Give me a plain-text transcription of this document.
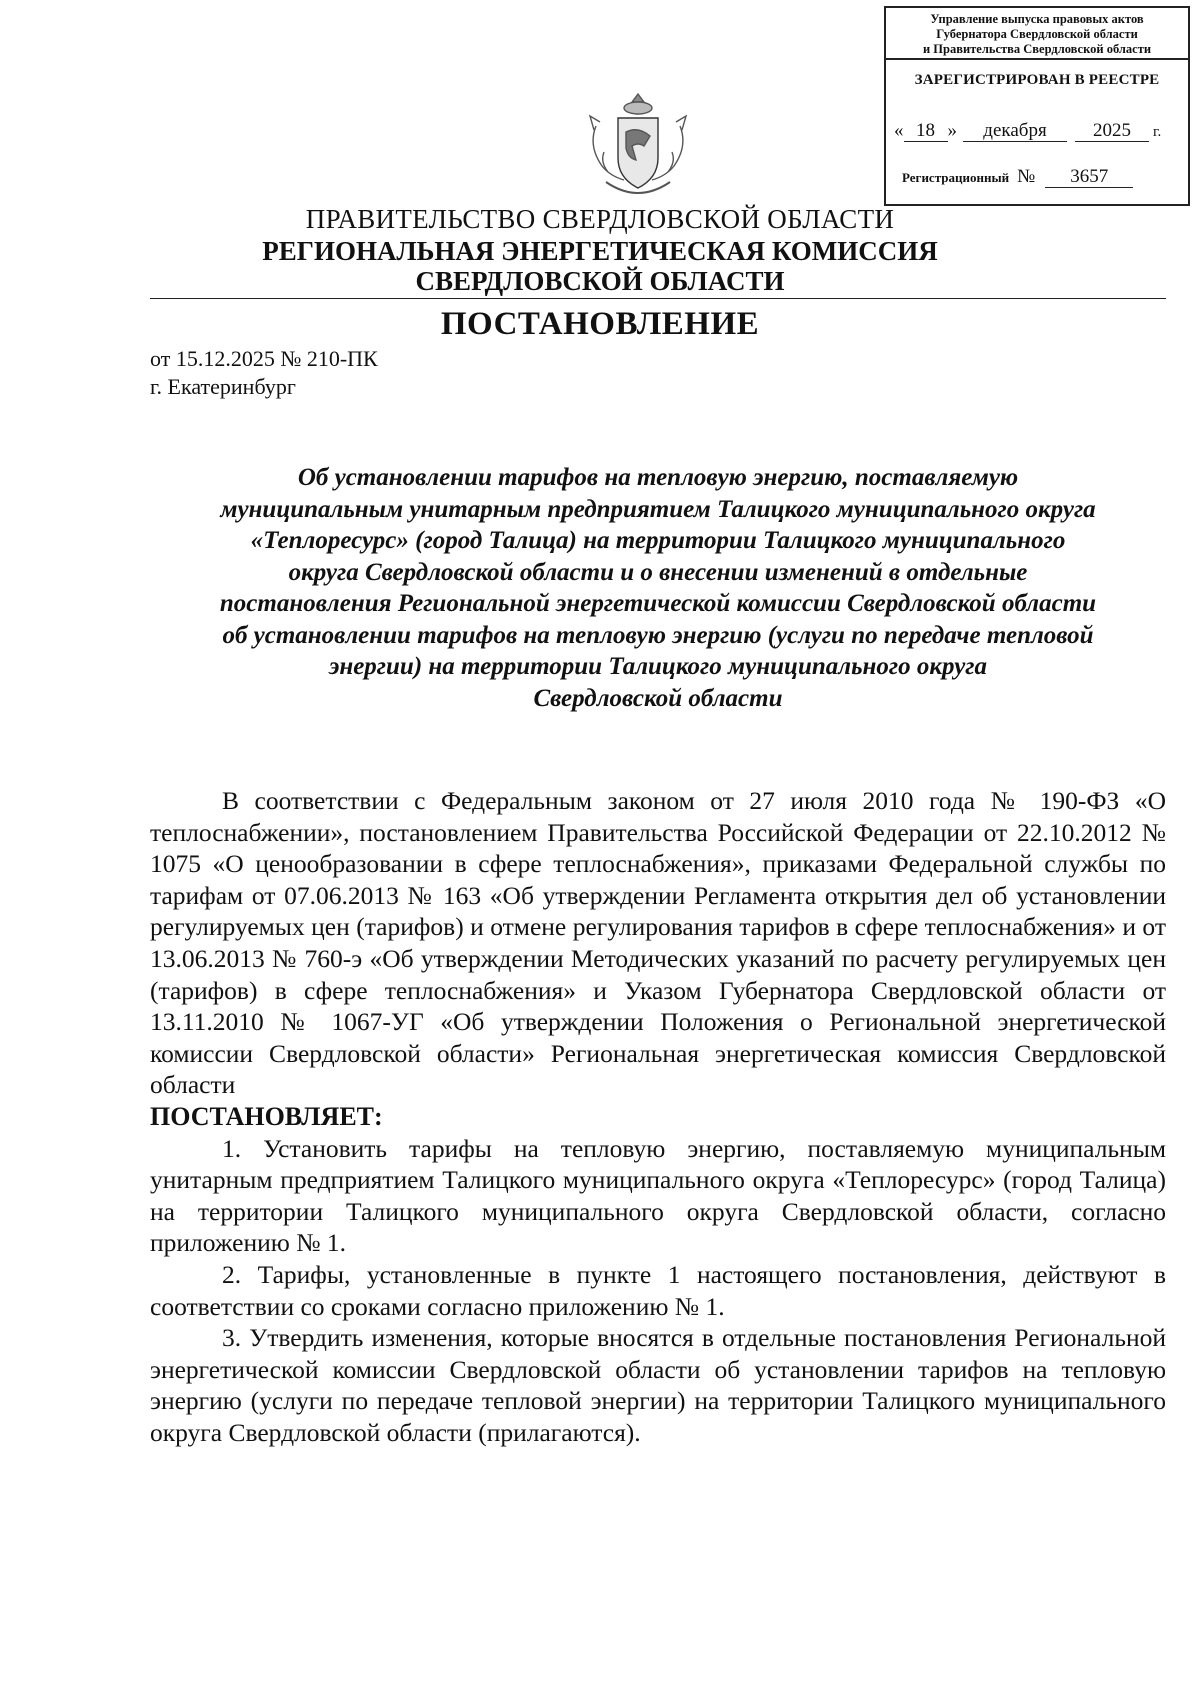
Управление выпуска правовых актов
Губернатора Свердловской области
и Правительства Свердловской области
ЗАРЕГИСТРИРОВАН В РЕЕСТРЕ
« 18 » декабря 2025 г.
Регистрационный № 3657
ПРАВИТЕЛЬСТВО СВЕРДЛОВСКОЙ ОБЛАСТИ
РЕГИОНАЛЬНАЯ ЭНЕРГЕТИЧЕСКАЯ КОМИССИЯ
СВЕРДЛОВСКОЙ ОБЛАСТИ
ПОСТАНОВЛЕНИЕ
от 15.12.2025 № 210-ПК
г. Екатеринбург
Об установлении тарифов на тепловую энергию, поставляемую
муниципальным унитарным предприятием Талицкого муниципального округа
«Теплоресурс» (город Талица) на территории Талицкого муниципального
округа Свердловской области и о внесении изменений в отдельные
постановления Региональной энергетической комиссии Свердловской области
об установлении тарифов на тепловую энергию (услуги по передаче тепловой
энергии) на территории Талицкого муниципального округа
Свердловской области

В соответствии с Федеральным законом от 27 июля 2010 года № 190-ФЗ «О теплоснабжении», постановлением Правительства Российской Федерации от 22.10.2012 № 1075 «О ценообразовании в сфере теплоснабжения», приказами Федеральной службы по тарифам от 07.06.2013 № 163 «Об утверждении Регламента открытия дел об установлении регулируемых цен (тарифов) и отмене регулирования тарифов в сфере теплоснабжения» и от 13.06.2013 № 760-э «Об утверждении Методических указаний по расчету регулируемых цен (тарифов) в сфере теплоснабжения» и Указом Губернатора Свердловской области от 13.11.2010 № 1067-УГ «Об утверждении Положения о Региональной энергетической комиссии Свердловской области» Региональная энергетическая комиссия Свердловской области

ПОСТАНОВЛЯЕТ:

1. Установить тарифы на тепловую энергию, поставляемую муниципальным унитарным предприятием Талицкого муниципального округа «Теплоресурс» (город Талица) на территории Талицкого муниципального округа Свердловской области, согласно приложению № 1.

2. Тарифы, установленные в пункте 1 настоящего постановления, действуют в соответствии со сроками согласно приложению № 1.

3. Утвердить изменения, которые вносятся в отдельные постановления Региональной энергетической комиссии Свердловской области об установлении тарифов на тепловую энергию (услуги по передаче тепловой энергии) на территории Талицкого муниципального округа Свердловской области (прилагаются).
